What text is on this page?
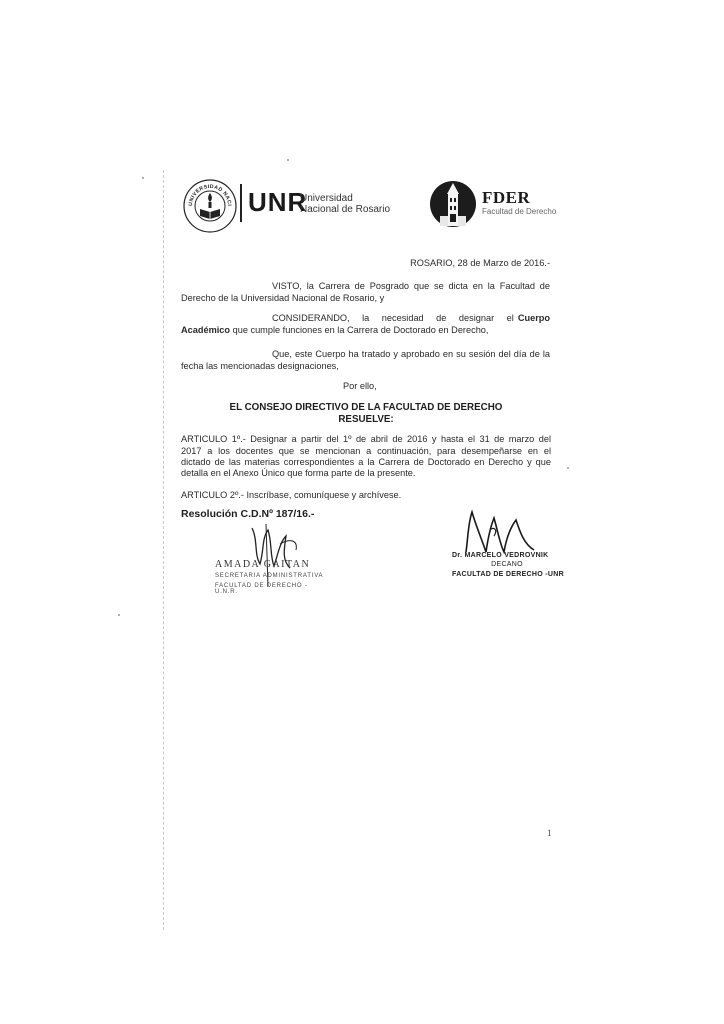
UNIVERSIDAD NACI UNR
Universidad
Nacional de Rosario
FDER
Facultad de Derecho
ROSARIO, 28 de Marzo de 2016.-
VISTO, la Carrera de Posgrado que se dicta en la Facultad de
Derecho de la Universidad Nacional de Rosario, y
CONSIDERANDO, la necesidad de designar el Cuerpo
Académico que cumple funciones en la Carrera de Doctorado en Derecho,
Que, este Cuerpo ha tratado y aprobado en su sesión del día de la
fecha las mencionadas designaciones,
Por ello,
EL CONSEJO DIRECTIVO DE LA FACULTAD DE DERECHO
RESUELVE:
ARTICULO 1º.- Designar a partir del 1º de abril de 2016 y hasta el 31 de marzo del
2017 a los docentes que se mencionan a continuación, para desempeñarse en el
dictado de las materias correspondientes a la Carrera de Doctorado en Derecho y que
detalla en el Anexo Único que forma parte de la presente.
ARTICULO 2º.- Inscríbase, comuníquese y archívese.
Resolución C.D.Nº 187/16.-
AMADA GAITAN
SECRETARIA ADMINISTRATIVA
FACULTAD DE DERECHO - U.N.R.
Dr. MARCELO VEDROVNIK
DECANO
FACULTAD DE DERECHO -UNR
1
